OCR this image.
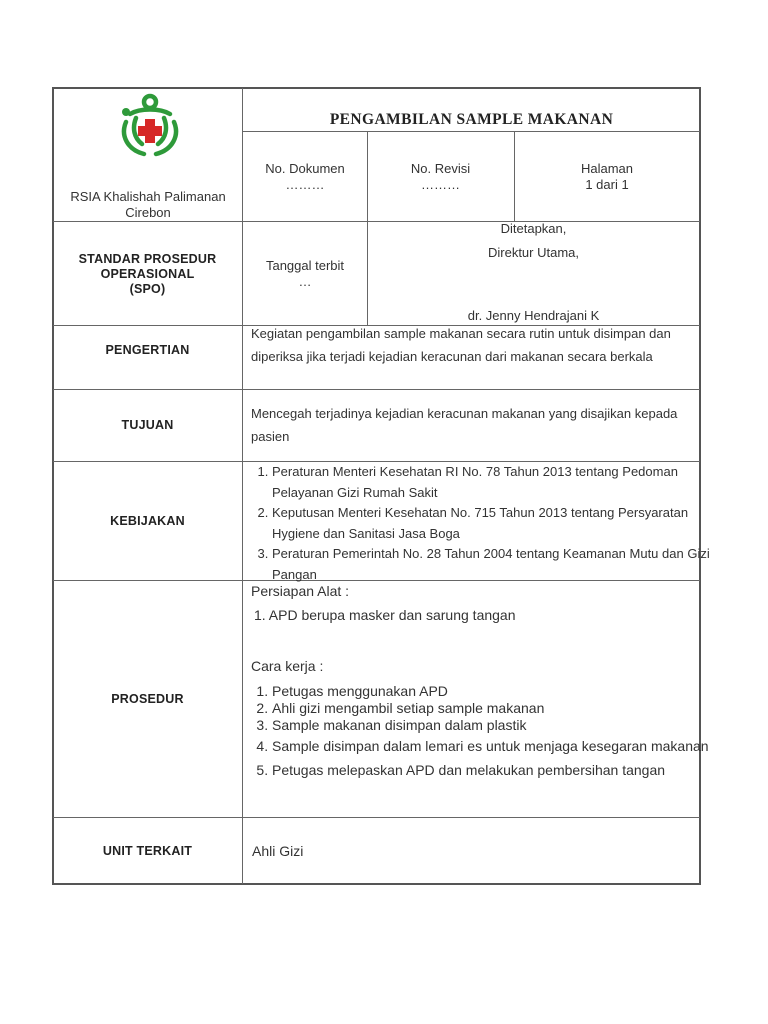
RSIA Khalishah Palimanan Cirebon
PENGAMBILAN SAMPLE MAKANAN
No. Dokumen
………
No. Revisi
………
Halaman
1 dari 1
STANDAR PROSEDUR
OPERASIONAL
(SPO)
Tanggal terbit
…
Ditetapkan,
Direktur Utama,
dr. Jenny Hendrajani K
PENGERTIAN
Kegiatan pengambilan sample makanan secara rutin untuk disimpan dan diperiksa jika terjadi kejadian keracunan dari makanan secara berkala
TUJUAN
Mencegah terjadinya kejadian keracunan makanan yang disajikan kepada pasien
KEBIJAKAN
1. Peraturan Menteri Kesehatan RI No. 78 Tahun 2013 tentang Pedoman Pelayanan Gizi Rumah Sakit
2. Keputusan Menteri Kesehatan No. 715 Tahun 2013 tentang Persyaratan Hygiene dan Sanitasi Jasa Boga
3. Peraturan Pemerintah No. 28 Tahun 2004 tentang Keamanan Mutu dan Gizi Pangan
PROSEDUR
Persiapan Alat :
1. APD berupa masker dan sarung tangan
Cara kerja :
1. Petugas menggunakan APD
2. Ahli gizi mengambil setiap sample makanan
3. Sample makanan disimpan dalam plastik
4. Sample disimpan dalam lemari es untuk menjaga kesegaran makanan
5. Petugas melepaskan APD dan melakukan pembersihan tangan
UNIT TERKAIT	Ahli Gizi
